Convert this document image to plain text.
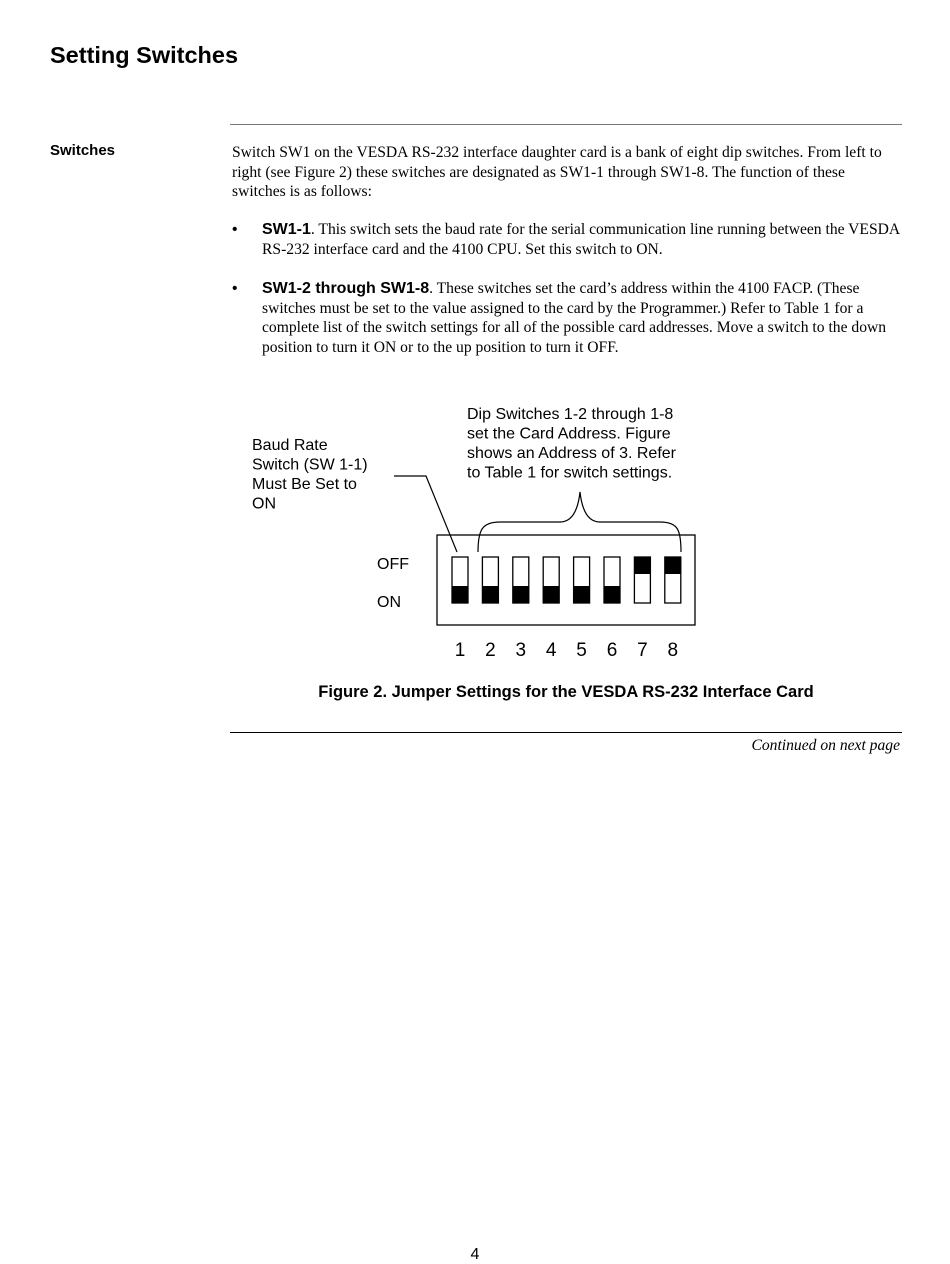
Setting Switches
Switches	Switch SW1 on the VESDA RS-232 interface daughter card is a bank of eight dip switches. From left to right (see Figure 2) these switches are designated as SW1-1 through SW1-8. The function of these switches is as follows:

• SW1-1. This switch sets the baud rate for the serial communication line running between the VESDA RS-232 interface card and the 4100 CPU. Set this switch to ON.
• SW1-2 through SW1-8. These switches set the card’s address within the 4100 FACP. (These switches must be set to the value assigned to the card by the Programmer.) Refer to Table 1 for a complete list of the switch settings for all of the possible card addresses. Move a switch to the down position to turn it ON or to the up position to turn it OFF.
Baud Rate
Switch (SW 1-1)
Must Be Set to
ON
Dip Switches 1-2 through 1-8
set the Card Address. Figure
shows an Address of 3. Refer
to Table 1 for switch settings.
OFF
ON
1 2 3 4 5 6 7 8
Figure 2. Jumper Settings for the VESDA RS-232 Interface Card
Continued on next page
4
